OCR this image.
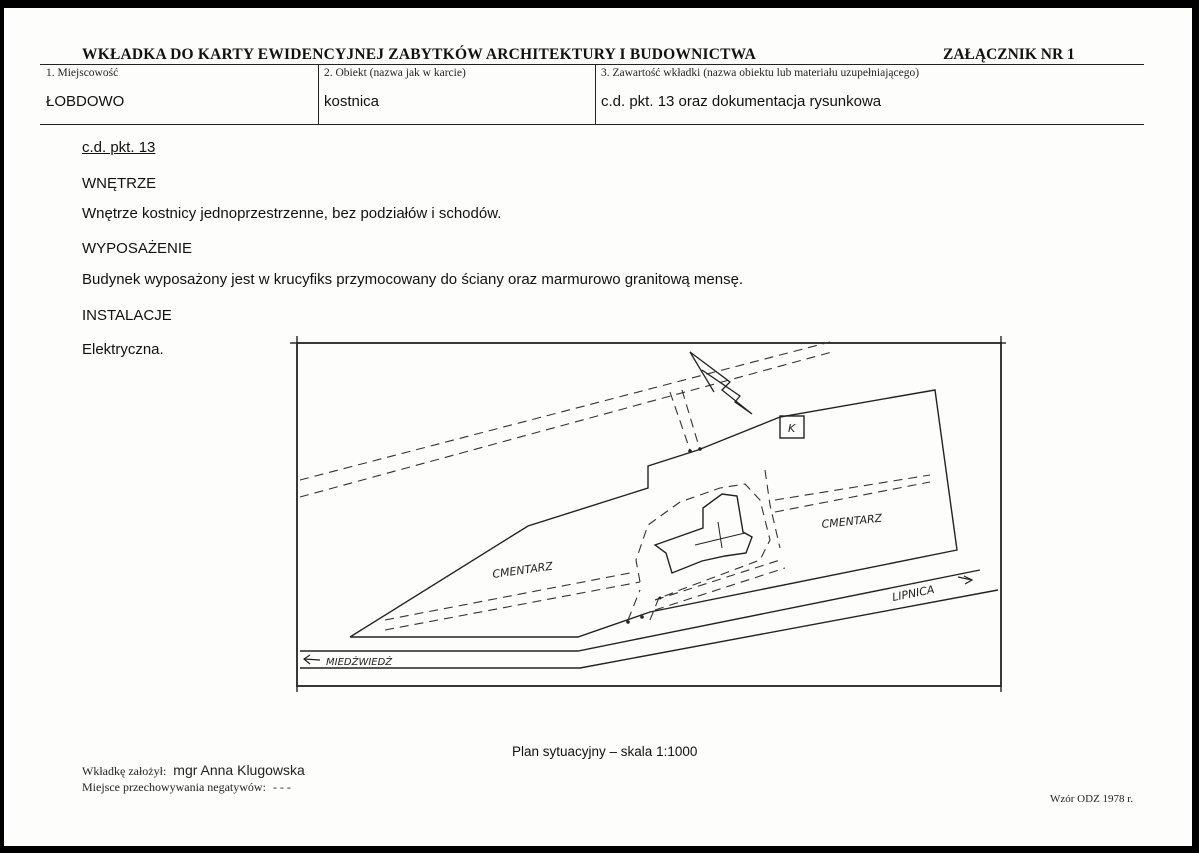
WKŁADKA DO KARTY EWIDENCYJNEJ ZABYTKÓW ARCHITEKTURY I BUDOWNICTWA	ZAŁĄCZNIK NR 1
1. Miejscowość	2. Obiekt (nazwa jak w karcie)	3. Zawartość wkładki (nazwa obiektu lub materiału uzupełniającego)
ŁOBDOWO	kostnica	c.d. pkt. 13 oraz dokumentacja rysunkowa
c.d. pkt. 13
WNĘTRZE
Wnętrze kostnicy jednoprzestrzenne, bez podziałów i schodów.
WYPOSAŻENIE
Budynek wyposażony jest w krucyfiks przymocowany do ściany oraz marmurowo granitową mensę.
INSTALACJE
Elektryczna.
CMENTARZ
CMENTARZ
LIPNICA
MIEDŹWIEDŹ
K
Plan sytuacyjny – skala 1:1000
Wkładkę założył: mgr Anna Klugowska
Miejsce przechowywania negatywów: - - -
Wzór ODZ 1978 r.
